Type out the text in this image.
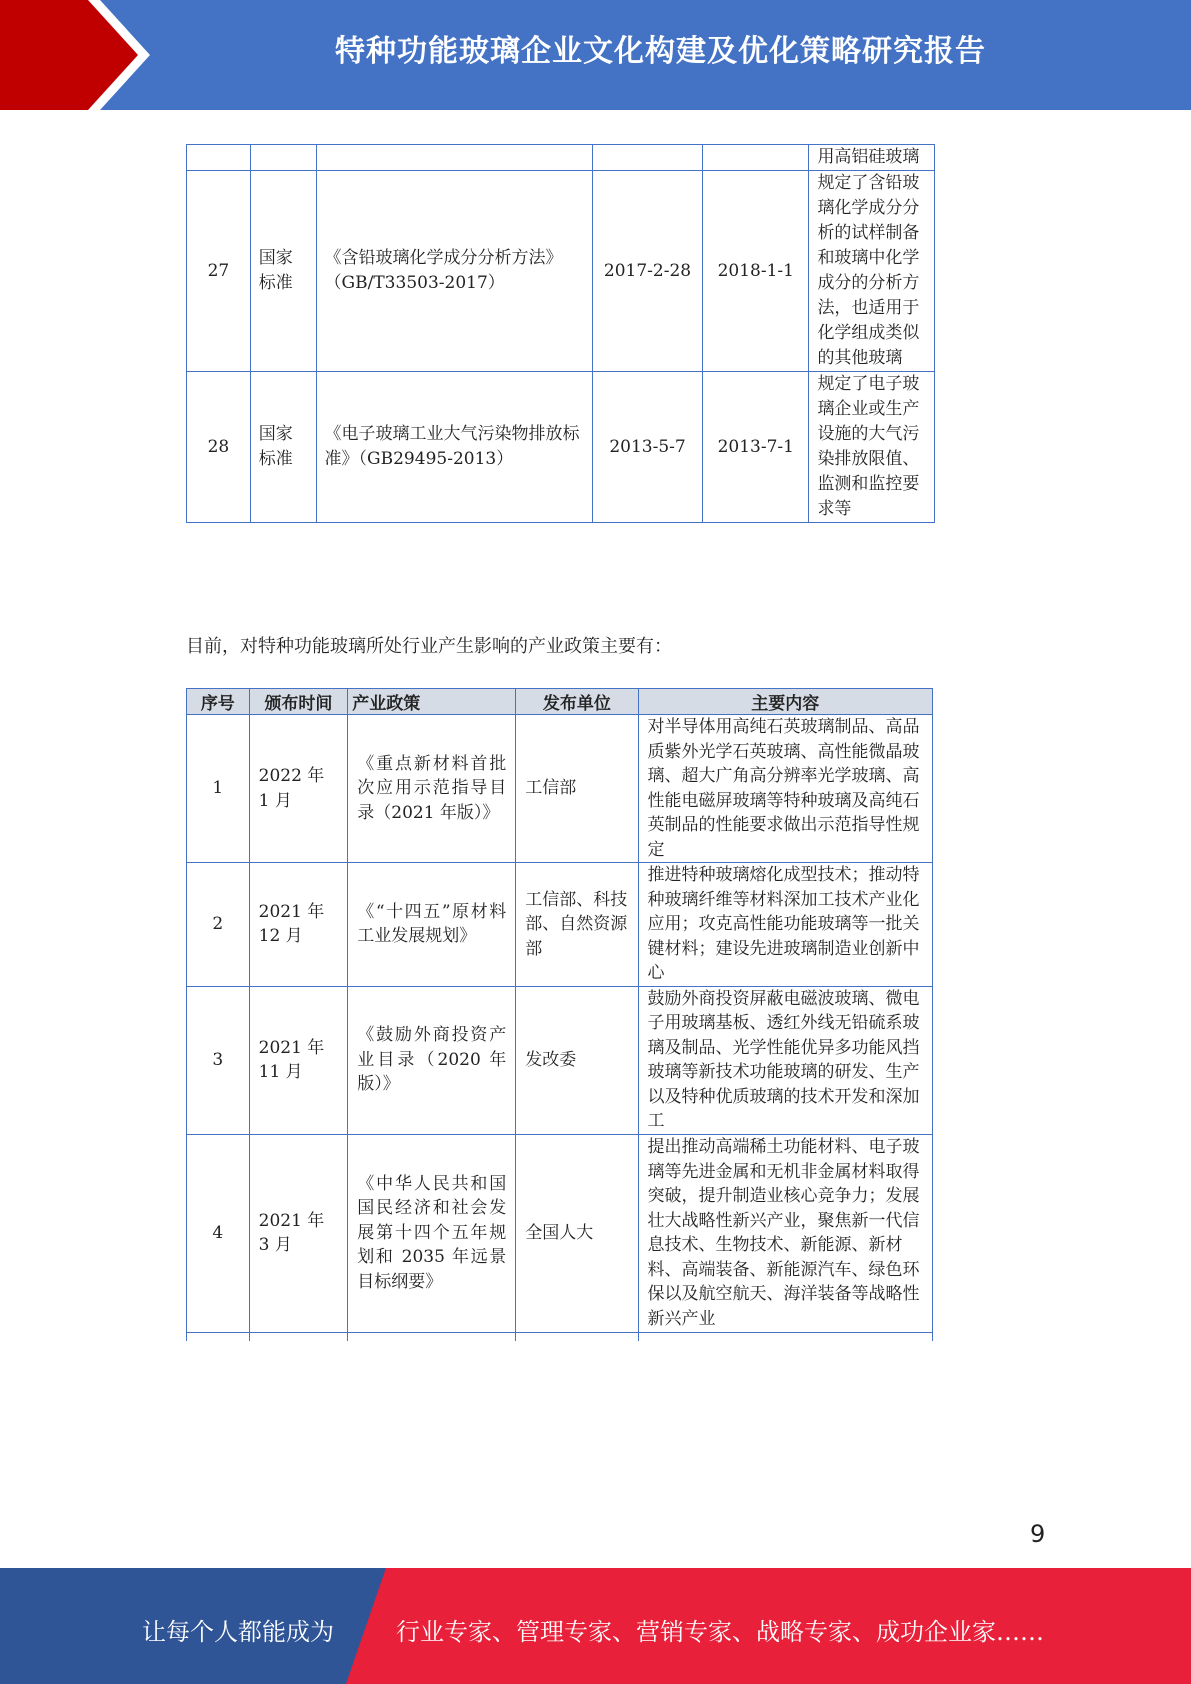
特种功能玻璃企业文化构建及优化策略研究报告
					用高铝硅玻璃
27	国家标准	《含铅玻璃化学成分分析方法》（GB/T33503-2017）	2017-2-28	2018-1-1	规定了含铅玻璃化学成分分析的试样制备和玻璃中化学成分的分析方法，也适用于化学组成类似的其他玻璃
28	国家标准	《电子玻璃工业大气污染物排放标准》（GB29495-2013）	2013-5-7	2013-7-1	规定了电子玻璃企业或生产设施的大气污染排放限值、监测和监控要求等
目前，对特种功能玻璃所处行业产生影响的产业政策主要有：
序号	颁布时间	产业政策	发布单位	主要内容
1	2022 年 1 月	《重点新材料首批次应用示范指导目录（2021 年版）》	工信部	对半导体用高纯石英玻璃制品、高品质紫外光学石英玻璃、高性能微晶玻璃、超大广角高分辨率光学玻璃、高性能电磁屏玻璃等特种玻璃及高纯石英制品的性能要求做出示范指导性规定
2	2021 年 12 月	《“十四五”原材料工业发展规划》	工信部、科技部、自然资源部	推进特种玻璃熔化成型技术；推动特种玻璃纤维等材料深加工技术产业化应用；攻克高性能功能玻璃等一批关键材料；建设先进玻璃制造业创新中心
3	2021 年 11 月	《鼓励外商投资产业目录（2020 年版）》	发改委	鼓励外商投资屏蔽电磁波玻璃、微电子用玻璃基板、透红外线无铅硫系玻璃及制品、光学性能优异多功能风挡玻璃等新技术功能玻璃的研发、生产以及特种优质玻璃的技术开发和深加工
4	2021 年 3 月	《中华人民共和国国民经济和社会发展第十四个五年规划和 2035 年远景目标纲要》	全国人大	提出推动高端稀土功能材料、电子玻璃等先进金属和无机非金属材料取得突破，提升制造业核心竞争力；发展壮大战略性新兴产业，聚焦新一代信息技术、生物技术、新能源、新材料、高端装备、新能源汽车、绿色环保以及航空航天、海洋装备等战略性新兴产业

9
让每个人都能成为	行业专家、管理专家、营销专家、战略专家、成功企业家……
